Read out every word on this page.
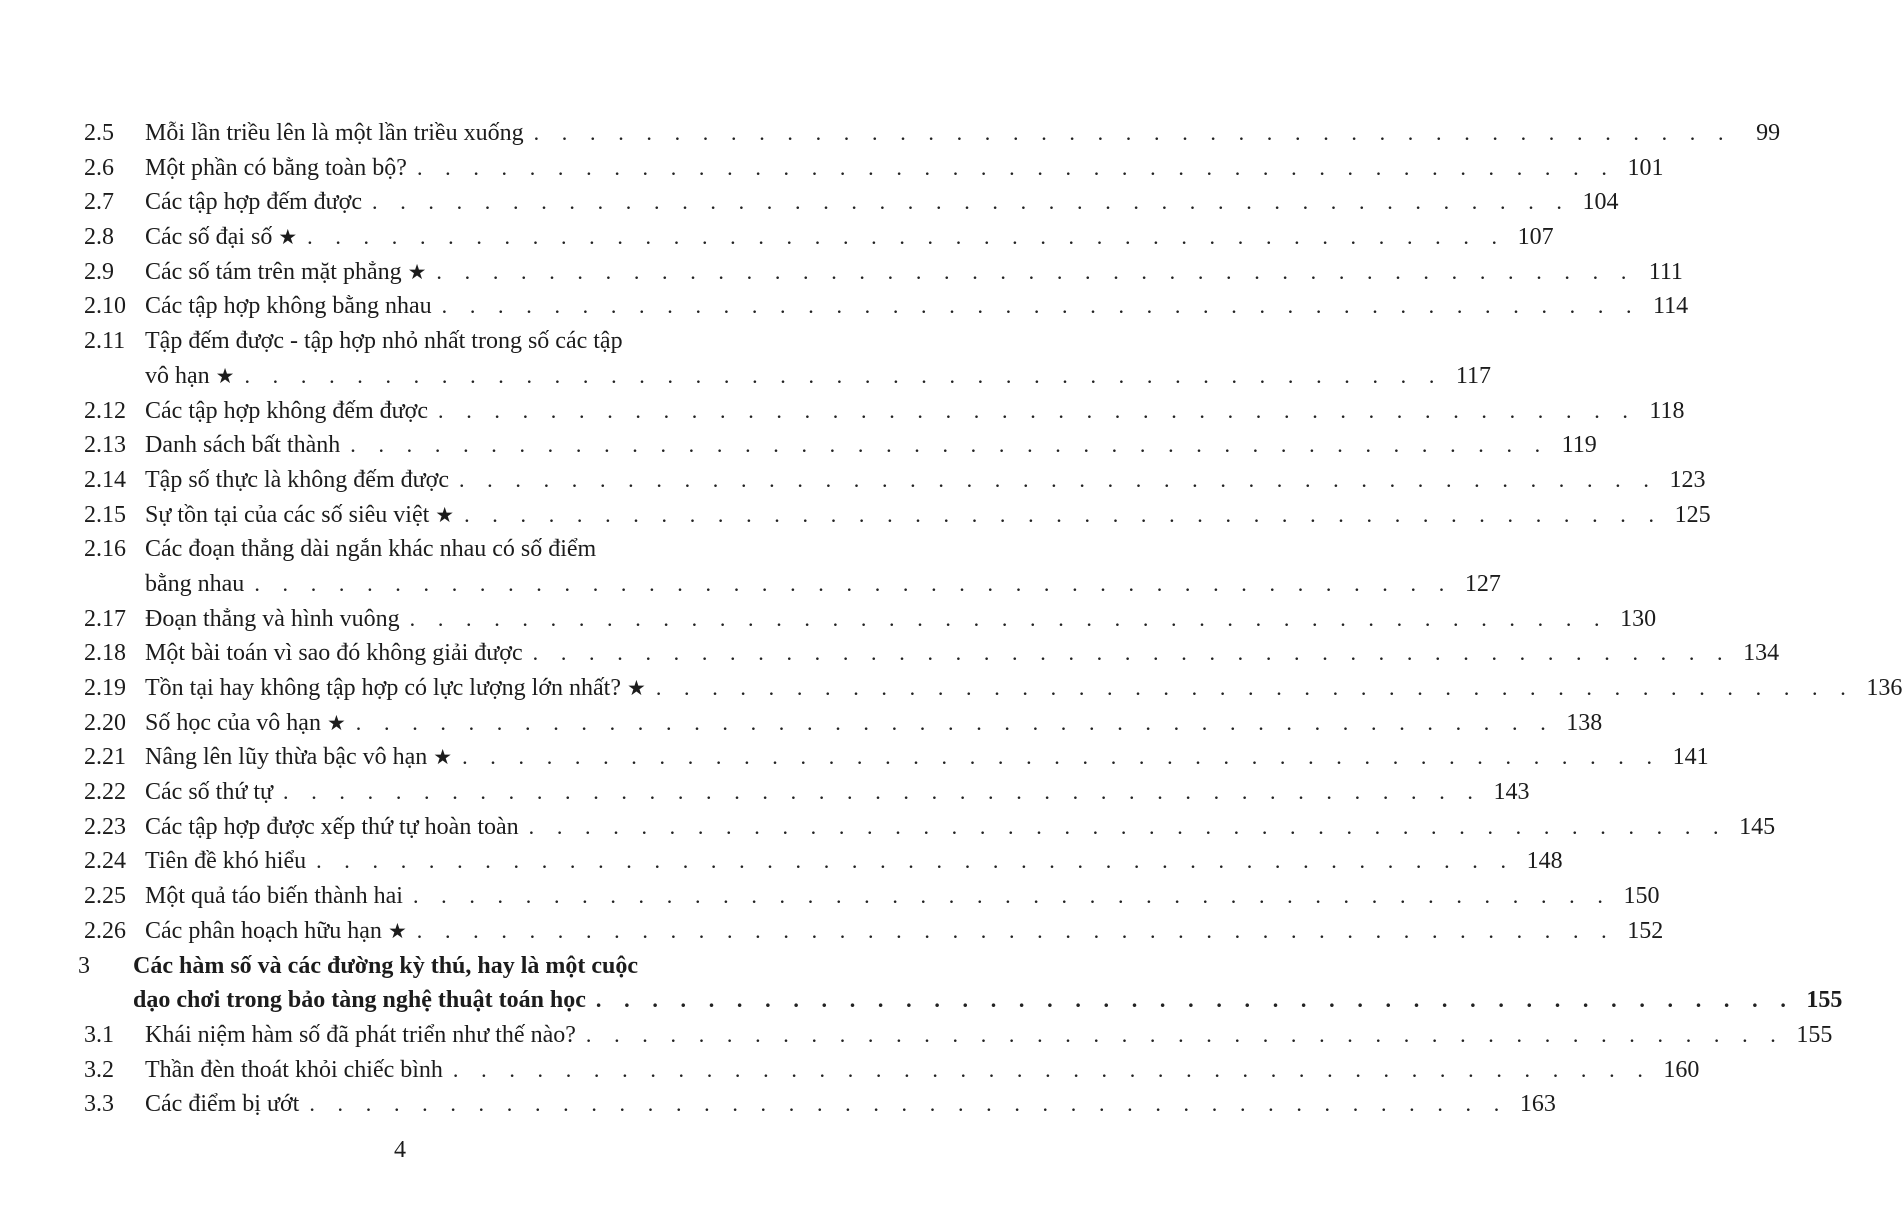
2.5 Mỗi lần triều lên là một lần triều xuống . . . . . . . . . . . . . . . . . . . . . . . . . . . . . . . . . . . . . . . . . . .	99
2.6 Một phần có bằng toàn bộ? . . . . . . . . . . . . . . . . . . . . . . . . . . . . . . . . . . . . . . . . . . . 101
2.7 Các tập hợp đếm được . . . . . . . . . . . . . . . . . . . . . . . . . . . . . . . . . . . . . . . . . . . 104
2.8 Các số đại số ★ . . . . . . . . . . . . . . . . . . . . . . . . . . . . . . . . . . . . . . . . . . . 107
2.9 Các số tám trên mặt phẳng ★ . . . . . . . . . . . . . . . . . . . . . . . . . . . . . . . . . . . . . . . . . . . 111
2.10 Các tập hợp không bằng nhau . . . . . . . . . . . . . . . . . . . . . . . . . . . . . . . . . . . . . . . . . . . 114
2.11 Tập đếm được - tập hợp nhỏ nhất trong số các tập
vô hạn ★ . . . . . . . . . . . . . . . . . . . . . . . . . . . . . . . . . . . . . . . . . . . 117
2.12 Các tập hợp không đếm được . . . . . . . . . . . . . . . . . . . . . . . . . . . . . . . . . . . . . . . . . . . 118
2.13 Danh sách bất thành . . . . . . . . . . . . . . . . . . . . . . . . . . . . . . . . . . . . . . . . . . . 119
2.14 Tập số thực là không đếm được . . . . . . . . . . . . . . . . . . . . . . . . . . . . . . . . . . . . . . . . . . . 123
2.15 Sự tồn tại của các số siêu việt ★ . . . . . . . . . . . . . . . . . . . . . . . . . . . . . . . . . . . . . . . . . . . 125
2.16 Các đoạn thẳng dài ngắn khác nhau có số điểm
bằng nhau . . . . . . . . . . . . . . . . . . . . . . . . . . . . . . . . . . . . . . . . . . . 127
2.17 Đoạn thẳng và hình vuông . . . . . . . . . . . . . . . . . . . . . . . . . . . . . . . . . . . . . . . . . . . 130
2.18 Một bài toán vì sao đó không giải được . . . . . . . . . . . . . . . . . . . . . . . . . . . . . . . . . . . . . . . . . . . 134
2.19 Tồn tại hay không tập hợp có lực lượng lớn nhất? ★ . . . . . . . . . . . . . . . . . . . . . . . . . . . . . . . . . . . . . . . . . . . 136
2.20 Số học của vô hạn ★ . . . . . . . . . . . . . . . . . . . . . . . . . . . . . . . . . . . . . . . . . . . 138
2.21 Nâng lên lũy thừa bậc vô hạn ★ . . . . . . . . . . . . . . . . . . . . . . . . . . . . . . . . . . . . . . . . . . . 141
2.22 Các số thứ tự . . . . . . . . . . . . . . . . . . . . . . . . . . . . . . . . . . . . . . . . . . . 143
2.23 Các tập hợp được xếp thứ tự hoàn toàn . . . . . . . . . . . . . . . . . . . . . . . . . . . . . . . . . . . . . . . . . . . 145
2.24 Tiên đề khó hiểu . . . . . . . . . . . . . . . . . . . . . . . . . . . . . . . . . . . . . . . . . . . 148
2.25 Một quả táo biến thành hai . . . . . . . . . . . . . . . . . . . . . . . . . . . . . . . . . . . . . . . . . . . 150
2.26 Các phân hoạch hữu hạn ★ . . . . . . . . . . . . . . . . . . . . . . . . . . . . . . . . . . . . . . . . . . . 152
3 Các hàm số và các đường kỳ thú, hay là một cuộc
dạo chơi trong bảo tàng nghệ thuật toán học . . . . . . . . . . . . . . . . . . . . . . . . . . . . . . . . . . . . . . . . . . . 155
3.1 Khái niệm hàm số đã phát triển như thế nào? . . . . . . . . . . . . . . . . . . . . . . . . . . . . . . . . . . . . . . . . . . . 155
3.2 Thần đèn thoát khỏi chiếc bình . . . . . . . . . . . . . . . . . . . . . . . . . . . . . . . . . . . . . . . . . . . 160
3.3 Các điểm bị ướt . . . . . . . . . . . . . . . . . . . . . . . . . . . . . . . . . . . . . . . . . . . 163
4
